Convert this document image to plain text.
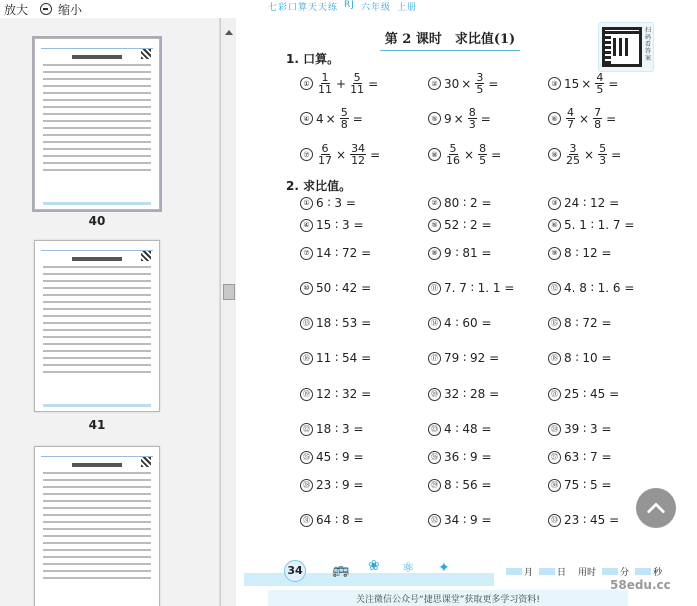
放大	缩小
40
41
七彩口算天天练 RJ 六年级 上册
第 2 课时　求比值(1)
扫码看答案
1. 口算。
2. 求比值。
🚌 ❀ ⚛ ✦
34	月	日 用时	分	秒
关注微信公众号“捷思课堂”获取更多学习资料!
58edu.cc
① $\frac{1}{11} + \frac{5}{11}$ =	② $30 \times \frac{3}{5}$ =	③ $15 \times \frac{4}{5}$ =
④ $4 \times \frac{5}{8}$ =	⑤ $9 \times \frac{8}{3}$ =	⑥ $\frac{4}{7} \times \frac{7}{8}$ =
⑦ $\frac{6}{17} \times \frac{34}{12}$ =	⑧ $\frac{5}{16} \times \frac{8}{5}$ =	⑨ $\frac{3}{25} \times \frac{5}{3}$ =
① 6 ∶ 3 =	② 80 ∶ 2 =	③ 24 ∶ 12 =
④ 15 ∶ 3 =	⑤ 52 ∶ 2 =	⑥ 5. 1 ∶ 1. 7 =
⑦ 14 ∶ 72 =	⑧ 9 ∶ 81 =	⑨ 8 ∶ 12 =
⑩ 50 ∶ 42 =	⑪ 7. 7 ∶ 1. 1 =	⑫ 4. 8 ∶ 1. 6 =
⑬ 18 ∶ 53 =	⑭ 4 ∶ 60 =	⑮ 8 ∶ 72 =
⑯ 11 ∶ 54 =	⑰ 79 ∶ 92 =	⑱ 8 ∶ 10 =
⑲ 12 ∶ 32 =	⑳ 32 ∶ 28 =	㉑ 25 ∶ 45 =
㉒ 18 ∶ 3 =	㉓ 4 ∶ 48 =	㉔ 39 ∶ 3 =
㉕ 45 ∶ 9 =	㉖ 36 ∶ 9 =	㉗ 63 ∶ 7 =
㉘ 23 ∶ 9 =	㉙ 8 ∶ 56 =	㉚ 75 ∶ 5 =
㉛ 64 ∶ 8 =	㉜ 34 ∶ 9 =	㉝ 23 ∶ 45 =
